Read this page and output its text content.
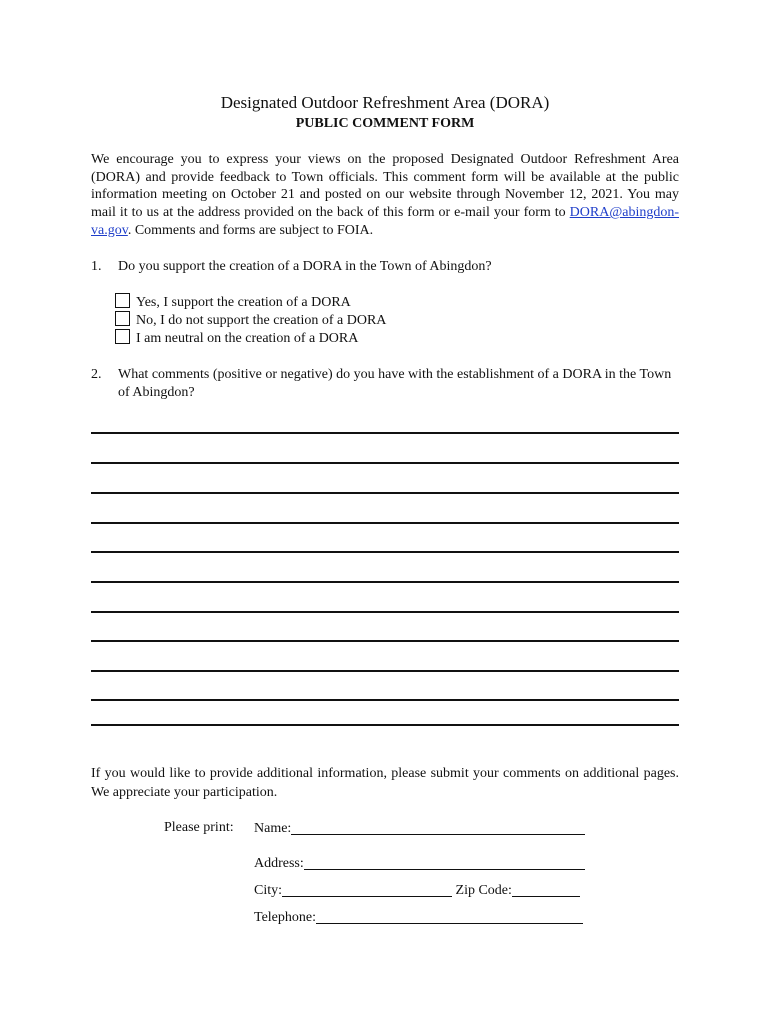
Designated Outdoor Refreshment Area (DORA)
PUBLIC COMMENT FORM
We encourage you to express your views on the proposed Designated Outdoor Refreshment Area (DORA) and provide feedback to Town officials. This comment form will be available at the public information meeting on October 21 and posted on our website through November 12, 2021. You may mail it to us at the address provided on the back of this form or e-mail your form to DORA@abingdon-va.gov. Comments and forms are subject to FOIA.
1. Do you support the creation of a DORA in the Town of Abingdon?
Yes, I support the creation of a DORA
No, I do not support the creation of a DORA
I am neutral on the creation of a DORA
2. What comments (positive or negative) do you have with the establishment of a DORA in the Town of Abingdon?
If you would like to provide additional information, please submit your comments on additional pages. We appreciate your participation.
Please print: Name:
Address:
City:	Zip Code:
Telephone:
